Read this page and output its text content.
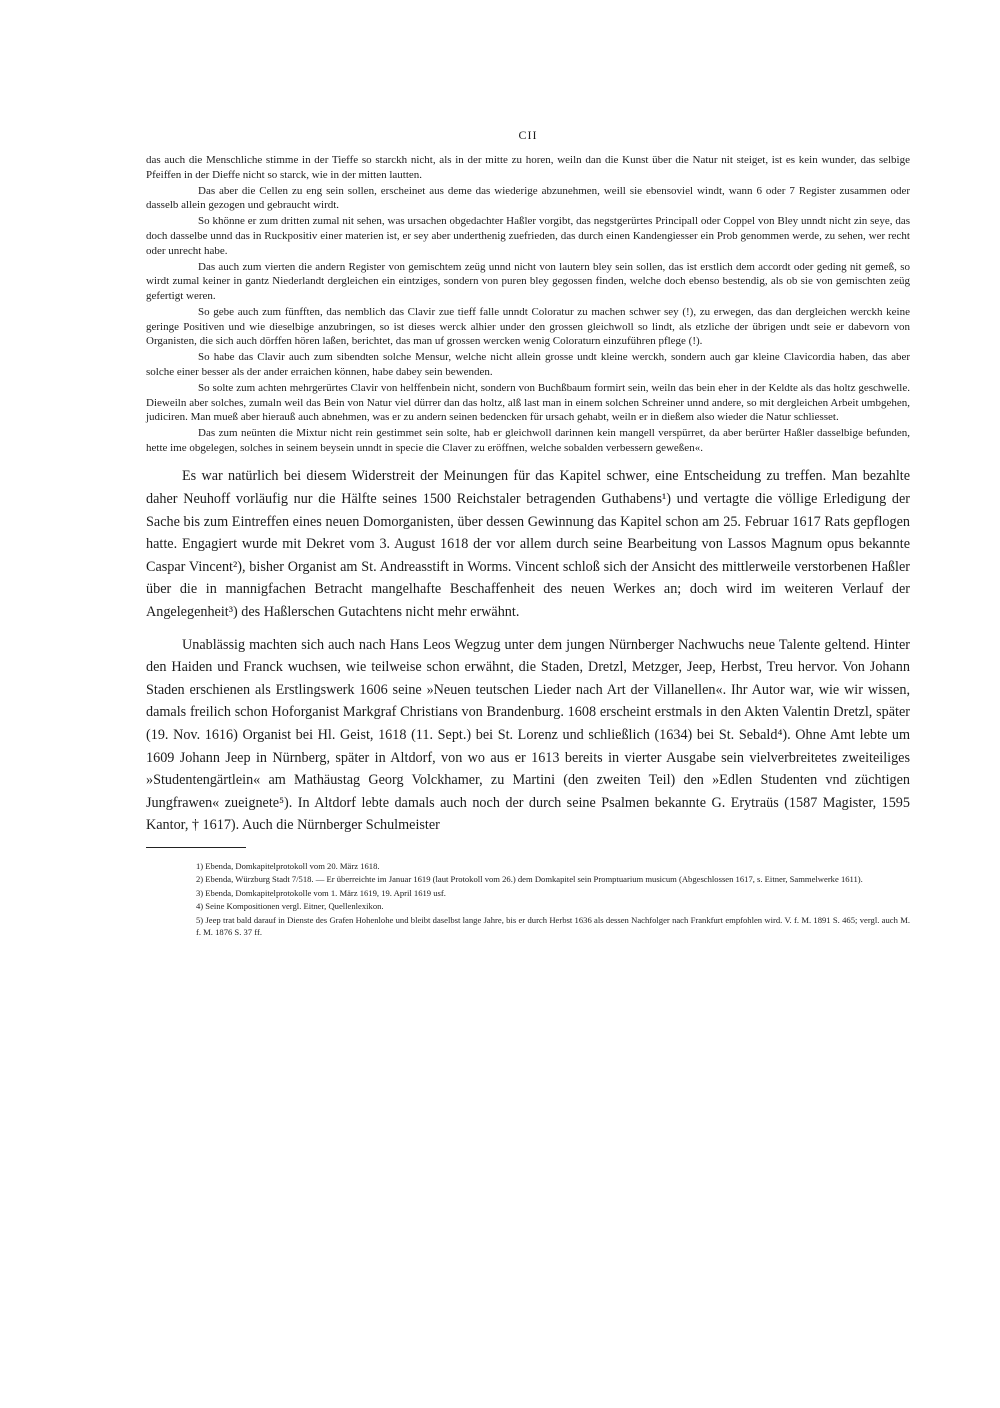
CII

das auch die Menschliche stimme in der Tieffe so starckh nicht, als in der mitte zu horen, weiln dan die Kunst über die Natur nit steiget, ist es kein wunder, das selbige Pfeiffen in der Dieffe nicht so starck, wie in der mitten lautten.

Das aber die Cellen zu eng sein sollen, erscheinet aus deme das wiederige abzunehmen, weill sie ebensoviel windt, wann 6 oder 7 Register zusammen oder dasselb allein gezogen und gebraucht wirdt.

So khönne er zum dritten zumal nit sehen, was ursachen obgedachter Haßler vorgibt, das negstgerürtes Principall oder Coppel von Bley unndt nicht zin seye, das doch dasselbe unnd das in Ruckpositiv einer materien ist, er sey aber underthenig zuefrieden, das durch einen Kandengiesser ein Prob genommen werde, zu sehen, wer recht oder unrecht habe.

Das auch zum vierten die andern Register von gemischtem zeüg unnd nicht von lautern bley sein sollen, das ist erstlich dem accordt oder geding nit gemeß, so wirdt zumal keiner in gantz Niederlandt dergleichen ein eintziges, sondern von puren bley gegossen finden, welche doch ebenso bestendig, als ob sie von gemischten zeüg gefertigt weren.

So gebe auch zum fünfften, das nemblich das Clavir zue tieff falle unndt Coloratur zu machen schwer sey (!), zu erwegen, das dan dergleichen werckh keine geringe Positiven und wie dieselbige anzubringen, so ist dieses werck alhier under den grossen gleichwoll so lindt, als etzliche der übrigen undt seie er dabevorn von Organisten, die sich auch dörffen hören laßen, berichtet, das man uf grossen wercken wenig Coloraturn einzuführen pflege (!).

So habe das Clavir auch zum sibendten solche Mensur, welche nicht allein grosse undt kleine werckh, sondern auch gar kleine Clavicordia haben, das aber solche einer besser als der ander erraichen können, habe dabey sein bewenden.

So solte zum achten mehrgerürtes Clavir von helffenbein nicht, sondern von Buchßbaum formirt sein, weiln das bein eher in der Keldte als das holtz geschwelle. Dieweiln aber solches, zumaln weil das Bein von Natur viel dürrer dan das holtz, alß last man in einem solchen Schreiner unnd andere, so mit dergleichen Arbeit umbgehen, judiciren. Man mueß aber hierauß auch abnehmen, was er zu andern seinen bedencken für ursach gehabt, weiln er in dießem also wieder die Natur schliesset.

Das zum neünten die Mixtur nicht rein gestimmet sein solte, hab er gleichwoll darinnen kein mangell verspürret, da aber berürter Haßler dasselbige befunden, hette ime obgelegen, solches in seinem beysein unndt in specie die Claver zu eröffnen, welche sobalden verbessern geweßen«.

Es war natürlich bei diesem Widerstreit der Meinungen für das Kapitel schwer, eine Entscheidung zu treffen. Man bezahlte daher Neuhoff vorläufig nur die Hälfte seines 1500 Reichstaler betragenden Guthabens¹) und vertagte die völlige Erledigung der Sache bis zum Eintreffen eines neuen Domorganisten, über dessen Gewinnung das Kapitel schon am 25. Februar 1617 Rats gepflogen hatte. Engagiert wurde mit Dekret vom 3. August 1618 der vor allem durch seine Bearbeitung von Lassos Magnum opus bekannte Caspar Vincent²), bisher Organist am St. Andreasstift in Worms. Vincent schloß sich der Ansicht des mittlerweile verstorbenen Haßler über die in mannigfachen Betracht mangelhafte Beschaffenheit des neuen Werkes an; doch wird im weiteren Verlauf der Angelegenheit³) des Haßlerschen Gutachtens nicht mehr erwähnt.

Unablässig machten sich auch nach Hans Leos Wegzug unter dem jungen Nürnberger Nachwuchs neue Talente geltend. Hinter den Haiden und Franck wuchsen, wie teilweise schon erwähnt, die Staden, Dretzl, Metzger, Jeep, Herbst, Treu hervor. Von Johann Staden erschienen als Erstlingswerk 1606 seine »Neuen teutschen Lieder nach Art der Villanellen«. Ihr Autor war, wie wir wissen, damals freilich schon Hoforganist Markgraf Christians von Brandenburg. 1608 erscheint erstmals in den Akten Valentin Dretzl, später (19. Nov. 1616) Organist bei Hl. Geist, 1618 (11. Sept.) bei St. Lorenz und schließlich (1634) bei St. Sebald⁴). Ohne Amt lebte um 1609 Johann Jeep in Nürnberg, später in Altdorf, von wo aus er 1613 bereits in vierter Ausgabe sein vielverbreitetes zweiteiliges »Studentengärtlein« am Mathäustag Georg Volckhamer, zu Martini (den zweiten Teil) den »Edlen Studenten vnd züchtigen Jungfrawen« zueignete⁵). In Altdorf lebte damals auch noch der durch seine Psalmen bekannte G. Erytraüs (1587 Magister, 1595 Kantor, † 1617). Auch die Nürnberger Schulmeister

1) Ebenda, Domkapitelprotokoll vom 20. März 1618.

2) Ebenda, Würzburg Stadt 7/518. — Er überreichte im Januar 1619 (laut Protokoll vom 26.) dem Domkapitel sein Promptuarium musicum (Abgeschlossen 1617, s. Eitner, Sammelwerke 1611).

3) Ebenda, Domkapitelprotokolle vom 1. März 1619, 19. April 1619 usf.

4) Seine Kompositionen vergl. Eitner, Quellenlexikon.

5) Jeep trat bald darauf in Dienste des Grafen Hohenlohe und bleibt daselbst lange Jahre, bis er durch Herbst 1636 als dessen Nachfolger nach Frankfurt empfohlen wird. V. f. M. 1891 S. 465; vergl. auch M. f. M. 1876 S. 37 ff.
